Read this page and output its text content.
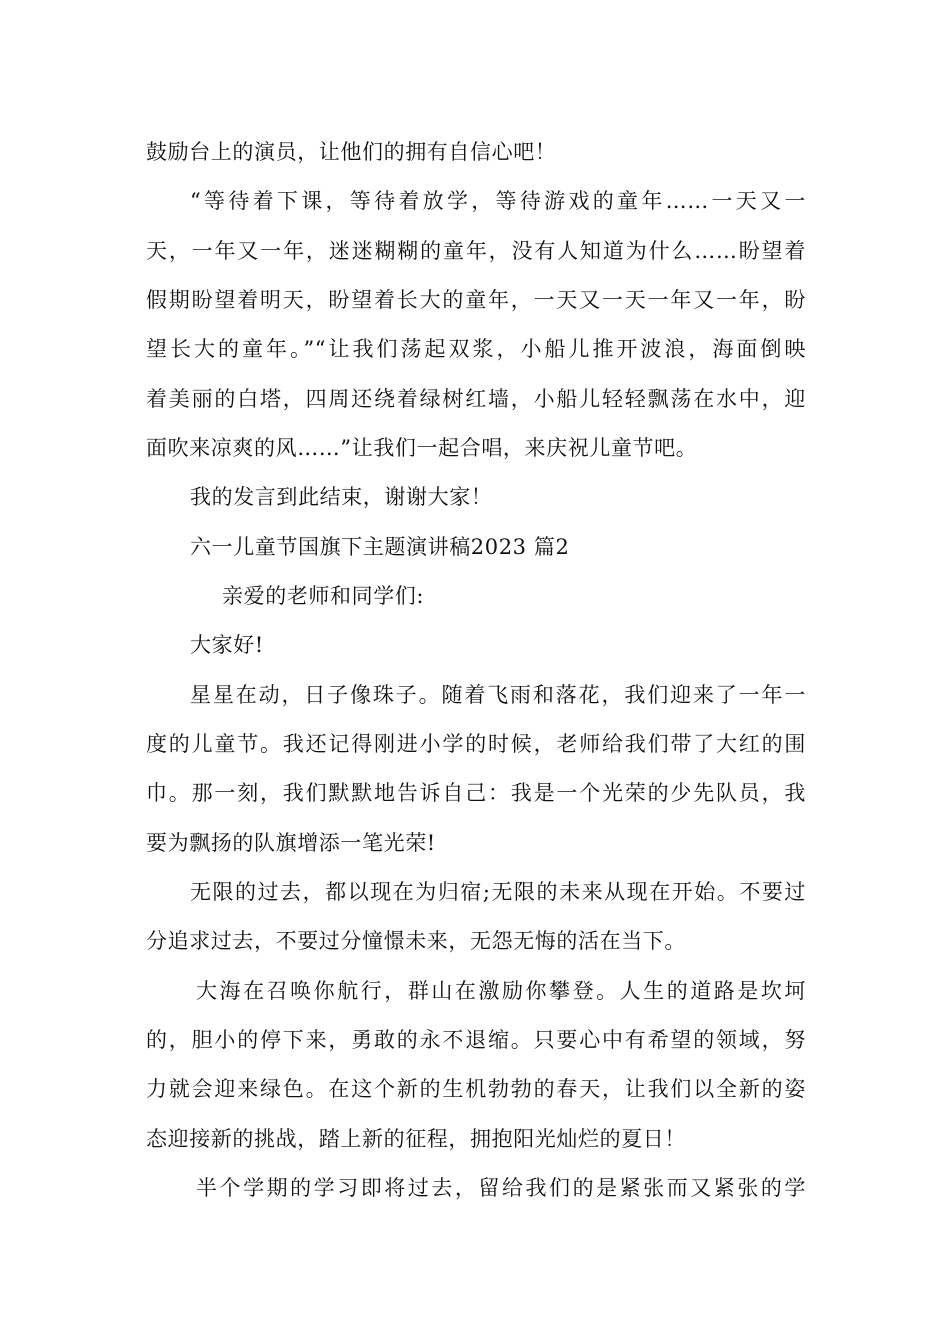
鼓励台上的演员，让他们的拥有自信心吧！
“等待着下课，等待着放学，等待游戏的童年……一天又一
天，一年又一年，迷迷糊糊的童年，没有人知道为什么……盼望着
假期盼望着明天，盼望着长大的童年，一天又一天一年又一年，盼
望长大的童年。”“让我们荡起双浆，小船儿推开波浪，海面倒映
着美丽的白塔，四周还绕着绿树红墙，小船儿轻轻飘荡在水中，迎
面吹来凉爽的风……”让我们一起合唱，来庆祝儿童节吧。
我的发言到此结束，谢谢大家！
六一儿童节国旗下主题演讲稿2023 篇2
亲爱的老师和同学们:
大家好!
星星在动，日子像珠子。随着飞雨和落花，我们迎来了一年一
度的儿童节。我还记得刚进小学的时候，老师给我们带了大红的围
巾。那一刻，我们默默地告诉自己：我是一个光荣的少先队员，我
要为飘扬的队旗增添一笔光荣!
无限的过去，都以现在为归宿;无限的未来从现在开始。不要过
分追求过去，不要过分憧憬未来，无怨无悔的活在当下。
大海在召唤你航行，群山在激励你攀登。人生的道路是坎坷
的，胆小的停下来，勇敢的永不退缩。只要心中有希望的领域，努
力就会迎来绿色。在这个新的生机勃勃的春天，让我们以全新的姿
态迎接新的挑战，踏上新的征程，拥抱阳光灿烂的夏日！
半个学期的学习即将过去，留给我们的是紧张而又紧张的学
